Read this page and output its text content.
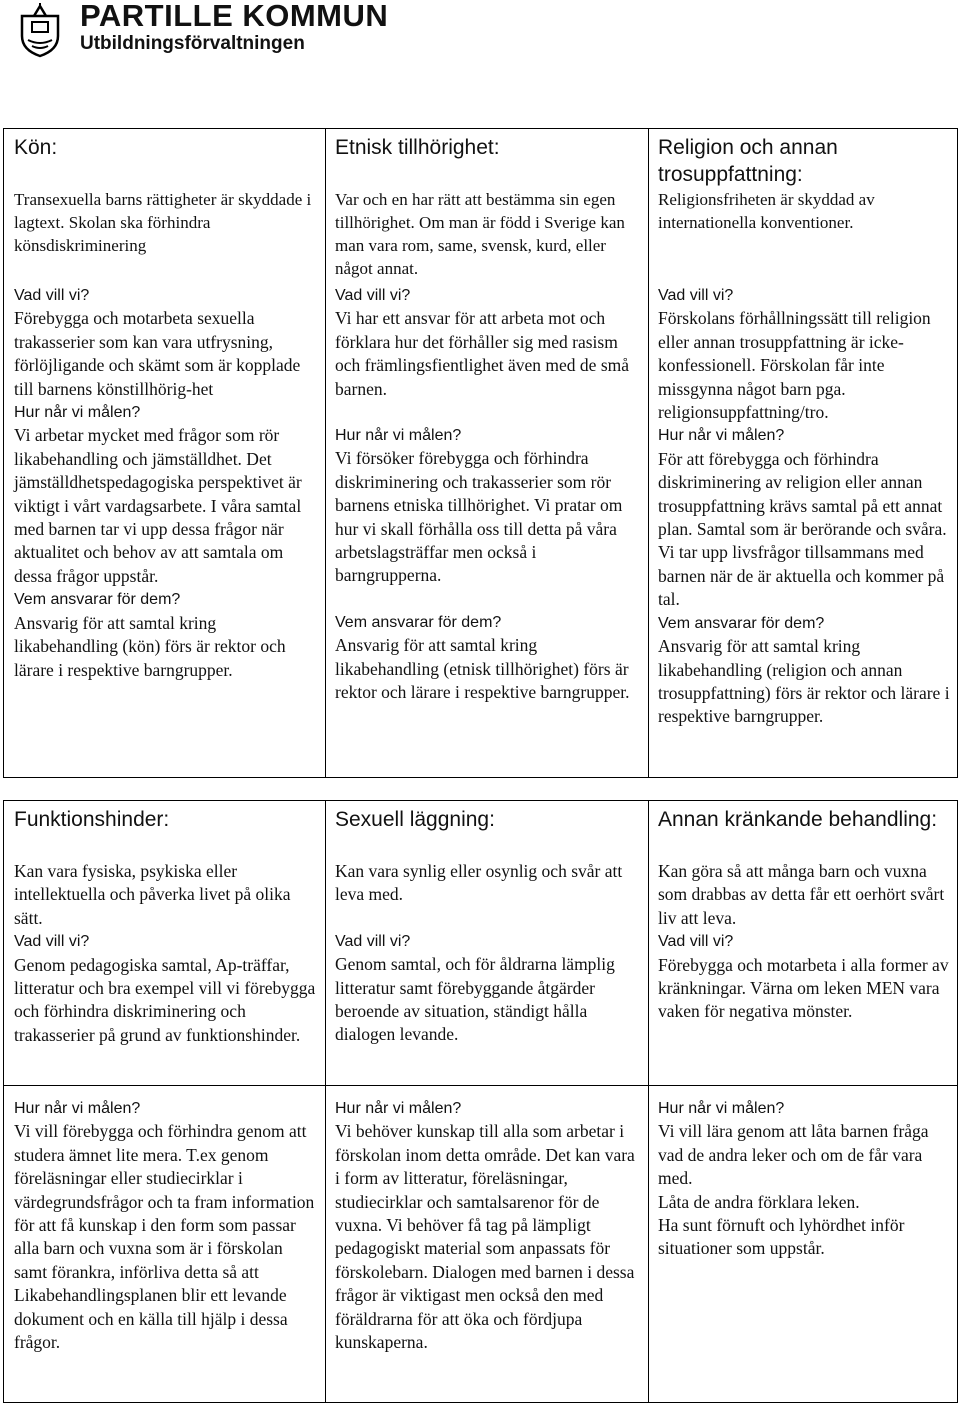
PARTILLE KOMMUN
Utbildningsförvaltningen
Kön:
Transexuella barns rättigheter är skyddade i lagtext. Skolan ska förhindra könsdiskriminering
Vad vill vi?
Förebygga och motarbeta sexuella trakasserier som kan vara utfrysning, förlöjligande och skämt som är kopplade till barnens könstillhörig-het
Hur når vi målen?
Vi arbetar mycket med frågor som rör likabehandling och jämställdhet. Det jämställdhetspedagogiska perspektivet är viktigt i vårt vardagsarbete. I våra samtal med barnen tar vi upp dessa frågor när aktualitet och behov av att samtala om dessa frågor uppstår.
Vem ansvarar för dem?
Ansvarig för att samtal kring likabehandling (kön) förs är rektor och lärare i respektive barngrupper.
Etnisk tillhörighet:
Var och en har rätt att bestämma sin egen tillhörighet. Om man är född i Sverige kan man vara rom, same, svensk, kurd, eller något annat.
Vad vill vi?
Vi har ett ansvar för att arbeta mot och förklara hur det förhåller sig med rasism och främlingsfientlighet även med de små barnen.
Hur når vi målen?
Vi försöker förebygga och förhindra diskriminering och trakasserier som rör barnens etniska tillhörighet. Vi pratar om hur vi skall förhålla oss till detta på våra arbetslagsträffar men också i barngrupperna.
Vem ansvarar för dem?
Ansvarig för att samtal kring likabehandling (etnisk tillhörighet) förs är rektor och lärare i respektive barngrupper.
Religion och annan trosuppfattning:
Religionsfriheten är skyddad av internationella konventioner.
Vad vill vi?
Förskolans förhållningssätt till religion eller annan trosuppfattning är icke-konfessionell. Förskolan får inte missgynna något barn pga. religionsuppfattning/tro.
Hur når vi målen?
För att förebygga och förhindra diskriminering av religion eller annan trosuppfattning krävs samtal på ett annat plan. Samtal som är berörande och svåra. Vi tar upp livsfrågor tillsammans med barnen när de är aktuella och kommer på tal.
Vem ansvarar för dem?
Ansvarig för att samtal kring likabehandling (religion och annan trosuppfattning) förs är rektor och lärare i respektive barngrupper.
Funktionshinder:
Kan vara fysiska, psykiska eller intellektuella och påverka livet på olika sätt.
Vad vill vi?
Genom pedagogiska samtal, Ap-träffar, litteratur och bra exempel vill vi förebygga och förhindra diskriminering och trakasserier på grund av funktionshinder.
Hur når vi målen?
Vi vill förebygga och förhindra genom att studera ämnet lite mera. T.ex genom föreläsningar eller studiecirklar i värdegrundsfrågor och ta fram information för att få kunskap i den form som passar alla barn och vuxna som är i förskolan samt förankra, införliva detta så att Likabehandlingsplanen blir ett levande dokument och en källa till hjälp i dessa frågor.
Sexuell läggning:
Kan vara synlig eller osynlig och svår att leva med.
Vad vill vi?
Genom samtal, och för åldrarna lämplig litteratur samt förebyggande åtgärder beroende av situation, ständigt hålla dialogen levande.
Hur når vi målen?
Vi behöver kunskap till alla som arbetar i förskolan inom detta område. Det kan vara i form av litteratur, föreläsningar, studiecirklar och samtalsarenor för de vuxna. Vi behöver få tag på lämpligt pedagogiskt material som anpassats för förskolebarn. Dialogen med barnen i dessa frågor är viktigast men också den med föräldrarna för att öka och fördjupa kunskaperna.
Annan kränkande behandling:
Kan göra så att många barn och vuxna som drabbas av detta får ett oerhört svårt liv att leva.
Vad vill vi?
Förebygga och motarbeta i alla former av kränkningar. Värna om leken MEN vara vaken för negativa mönster.
Hur når vi målen?
Vi vill lära genom att låta barnen fråga vad de andra leker och om de får vara med.
Låta de andra förklara leken.
Ha sunt förnuft och lyhördhet inför situationer som uppstår.
